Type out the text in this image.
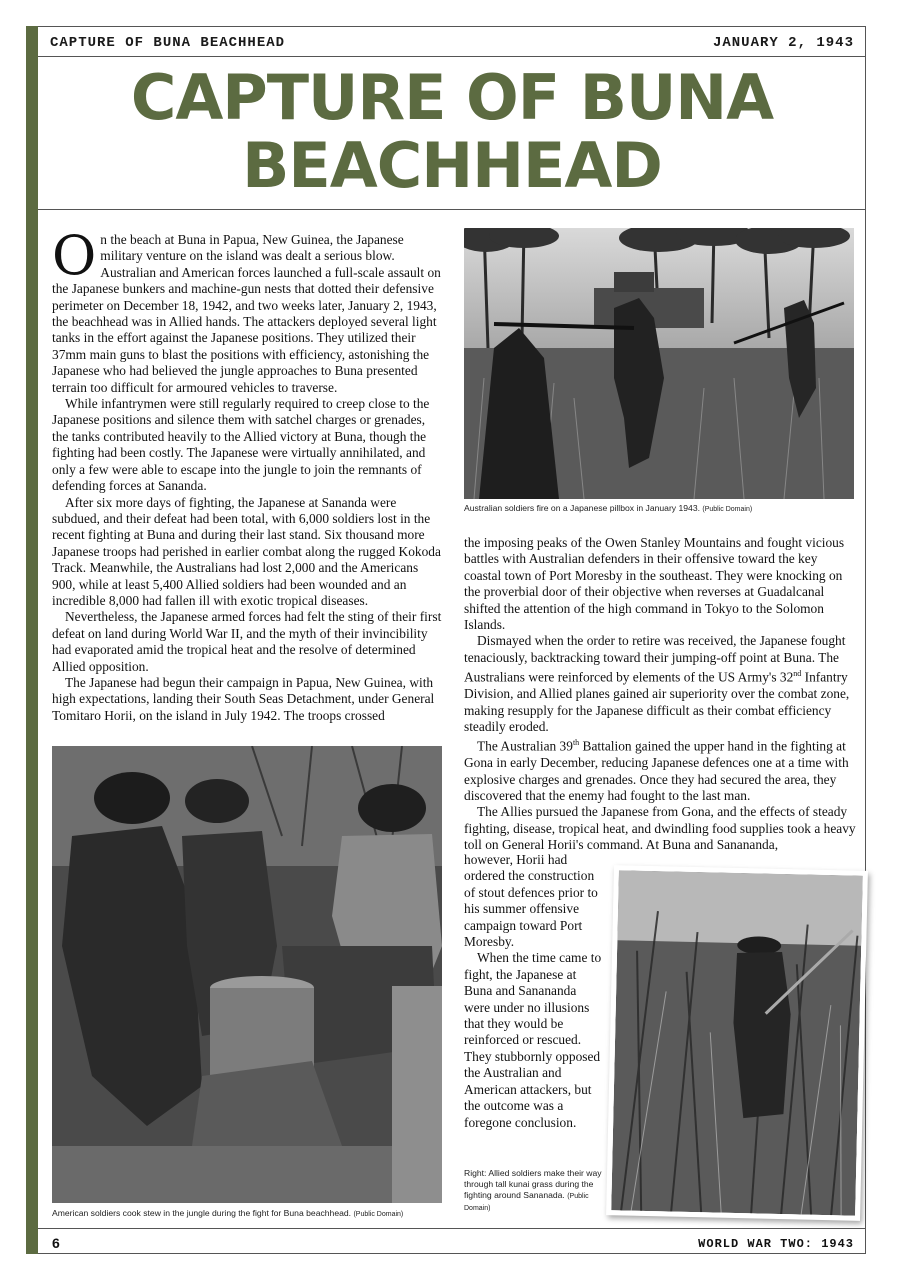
CAPTURE OF BUNA BEACHHEAD	JANUARY 2, 1943
CAPTURE OF BUNA
BEACHHEAD

On the beach at Buna in Papua, New Guinea, the Japanese military venture on the island was dealt a serious blow. Australian and American forces launched a full-scale assault on the Japanese bunkers and machine-gun nests that dotted their defensive perimeter on December 18, 1942, and two weeks later, January 2, 1943, the beachhead was in Allied hands. The attackers deployed several light tanks in the effort against the Japanese positions. They utilized their 37mm main guns to blast the positions with efficiency, astonishing the Japanese who had believed the jungle approaches to Buna presented terrain too difficult for armoured vehicles to traverse.

While infantrymen were still regularly required to creep close to the Japanese positions and silence them with satchel charges or grenades, the tanks contributed heavily to the Allied victory at Buna, though the fighting had been costly. The Japanese were virtually annihilated, and only a few were able to escape into the jungle to join the remnants of defending forces at Sananda.

After six more days of fighting, the Japanese at Sananda were subdued, and their defeat had been total, with 6,000 soldiers lost in the recent fighting at Buna and during their last stand. Six thousand more Japanese troops had perished in earlier combat along the rugged Kokoda Track. Meanwhile, the Australians had lost 2,000 and the Americans 900, while at least 5,400 Allied soldiers had been wounded and an incredible 8,000 had fallen ill with exotic tropical diseases.

Nevertheless, the Japanese armed forces had felt the sting of their first defeat on land during World War II, and the myth of their invincibility had evaporated amid the tropical heat and the resolve of determined Allied opposition.

The Japanese had begun their campaign in Papua, New Guinea, with high expectations, landing their South Seas Detachment, under General Tomitaro Horii, on the island in July 1942. The troops crossed

Australian soldiers fire on a Japanese pillbox in January 1943. (Public Domain)

the imposing peaks of the Owen Stanley Mountains and fought vicious battles with Australian defenders in their offensive toward the key coastal town of Port Moresby in the southeast. They were knocking on the proverbial door of their objective when reverses at Guadalcanal shifted the attention of the high command in Tokyo to the Solomon Islands.

Dismayed when the order to retire was received, the Japanese fought tenaciously, backtracking toward their jumping-off point at Buna. The Australians were reinforced by elements of the US Army's 32nd Infantry Division, and Allied planes gained air superiority over the combat zone, making resupply for the Japanese difficult as their combat efficiency steadily eroded.

The Australian 39th Battalion gained the upper hand in the fighting at Gona in early December, reducing Japanese defences one at a time with explosive charges and grenades. Once they had secured the area, they discovered that the enemy had fought to the last man.

The Allies pursued the Japanese from Gona, and the effects of steady fighting, disease, tropical heat, and dwindling food supplies took a heavy toll on General Horii's command. At Buna and Sanananda,

however, Horii had ordered the construction of stout defences prior to his summer offensive campaign toward Port Moresby.

When the time came to fight, the Japanese at Buna and Sanananda were under no illusions that they would be reinforced or rescued. They stubbornly opposed the Australian and American attackers, but the outcome was a foregone conclusion.

American soldiers cook stew in the jungle during the fight for Buna beachhead. (Public Domain)
Right: Allied soldiers make their way through tall kunai grass during the fighting around Sananada. (Public Domain)
6	WORLD WAR TWO: 1943
